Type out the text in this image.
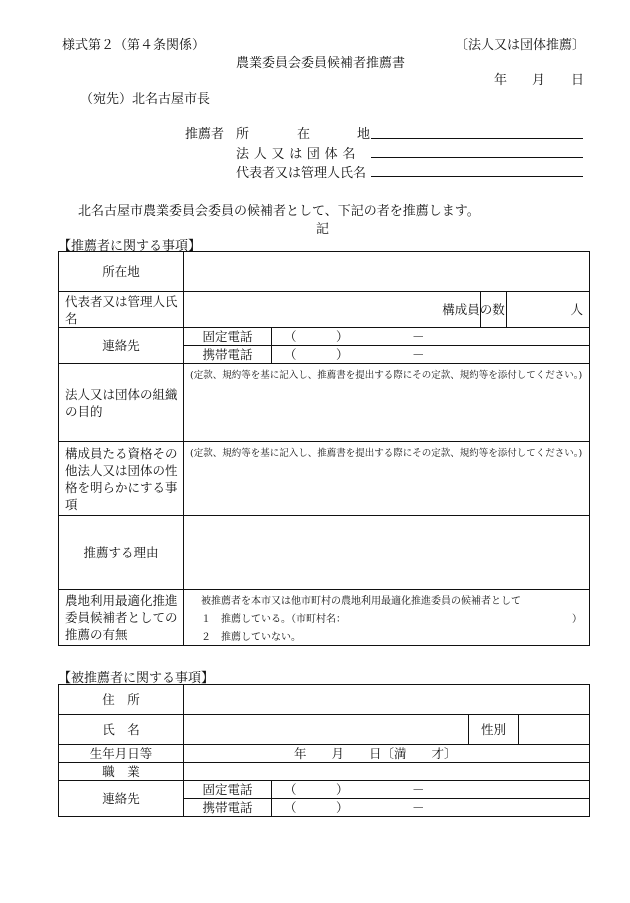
様式第２（第４条関係）	〔法人又は団体推薦〕
農業委員会委員候補者推薦書
年 月 日
（宛先）北名古屋市長
推薦者 所	在	地
法 人 又 は 団 体 名
代表者又は管理人氏名
北名古屋市農業委員会委員の候補者として、下記の者を推薦します。
記
【推薦者に関する事項】
所在地				
代表者又は管理人氏名			構成員の数	人
連絡先	固定電話	（ ） －		

	携帯電話	（ ） －		

法人又は団体の組織の目的	(定款、規約等を基に記入し、推薦書を提出する際にその定款、規約等を添付してください。)			

構成員たる資格その他法人又は団体の性格を明らかにする事項	(定款、規約等を基に記入し、推薦書を提出する際にその定款、規約等を添付してください。)			

推薦する理由				
農地利用最適化推進委員候補者としての推薦の有無	被推薦者を本市又は他市町村の農地利用最適化推進委員の候補者として
１　推薦している。（市町村名： ）
２　推薦していない。			
【被推薦者に関する事項】
住　所				
氏　名			性別	
生年月日等	年　　月　　日〔満　　才〕			
職　業				
連絡先	固定電話	（ ） －		

	携帯電話	（ ） －		
